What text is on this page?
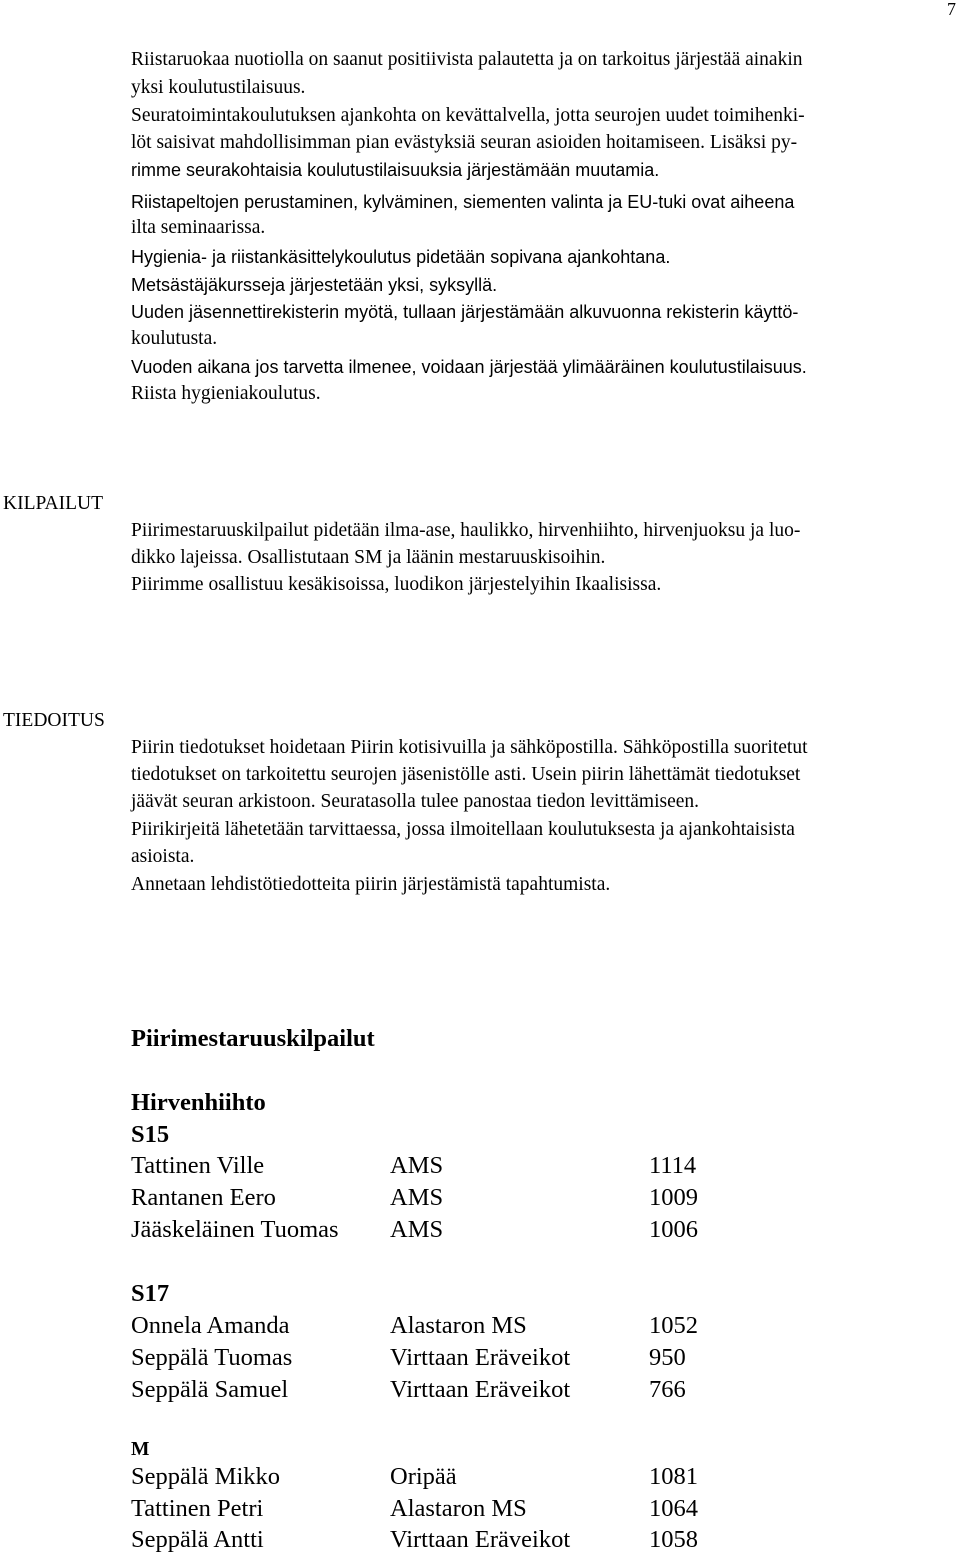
7
Riistaruokaa nuotiolla on saanut positiivista palautetta ja on tarkoitus järjestää ainakin
yksi koulutustilaisuus.
Seuratoimintakoulutuksen ajankohta on kevättalvella, jotta seurojen uudet toimihenki-
löt saisivat mahdollisimman pian evästyksiä seuran asioiden hoitamiseen. Lisäksi py-
rimme seurakohtaisia koulutustilaisuuksia järjestämään muutamia.
Riistapeltojen perustaminen, kylväminen, siementen valinta ja EU-tuki ovat aiheena
ilta seminaarissa.
Hygienia- ja riistankäsittelykoulutus pidetään sopivana ajankohtana.
Metsästäjäkursseja järjestetään yksi, syksyllä.
Uuden jäsennettirekisterin myötä, tullaan järjestämään alkuvuonna rekisterin käyttö-
koulutusta.
Vuoden aikana jos tarvetta ilmenee, voidaan järjestää ylimääräinen koulutustilaisuus.
Riista hygieniakoulutus.
KILPAILUT
Piirimestaruuskilpailut pidetään ilma-ase, haulikko, hirvenhiihto, hirvenjuoksu ja luo-
dikko lajeissa. Osallistutaan SM ja läänin mestaruuskisoihin.
Piirimme osallistuu kesäkisoissa, luodikon järjestelyihin Ikaalisissa.
TIEDOITUS
Piirin tiedotukset hoidetaan Piirin kotisivuilla ja sähköpostilla. Sähköpostilla suoritetut
tiedotukset on tarkoitettu seurojen jäsenistölle asti. Usein piirin lähettämät tiedotukset
jäävät seuran arkistoon. Seuratasolla tulee panostaa tiedon levittämiseen.
Piirikirjeitä lähetetään tarvittaessa, jossa ilmoitellaan koulutuksesta ja ajankohtaisista
asioista.
Annetaan lehdistötiedotteita piirin järjestämistä tapahtumista.
Piirimestaruuskilpailut
Hirvenhiihto
S15
Tattinen Ville	AMS	1114
Rantanen Eero	AMS	1009
Jääskeläinen Tuomas AMS	1006
S17
Onnela Amanda	Alastaron MS	1052
Seppälä Tuomas	Virttaan Eräveikot	950
Seppälä Samuel	Virttaan Eräveikot	766
M
Seppälä Mikko	Oripää	1081
Tattinen Petri	Alastaron MS	1064
Seppälä Antti	Virttaan Eräveikot	1058
